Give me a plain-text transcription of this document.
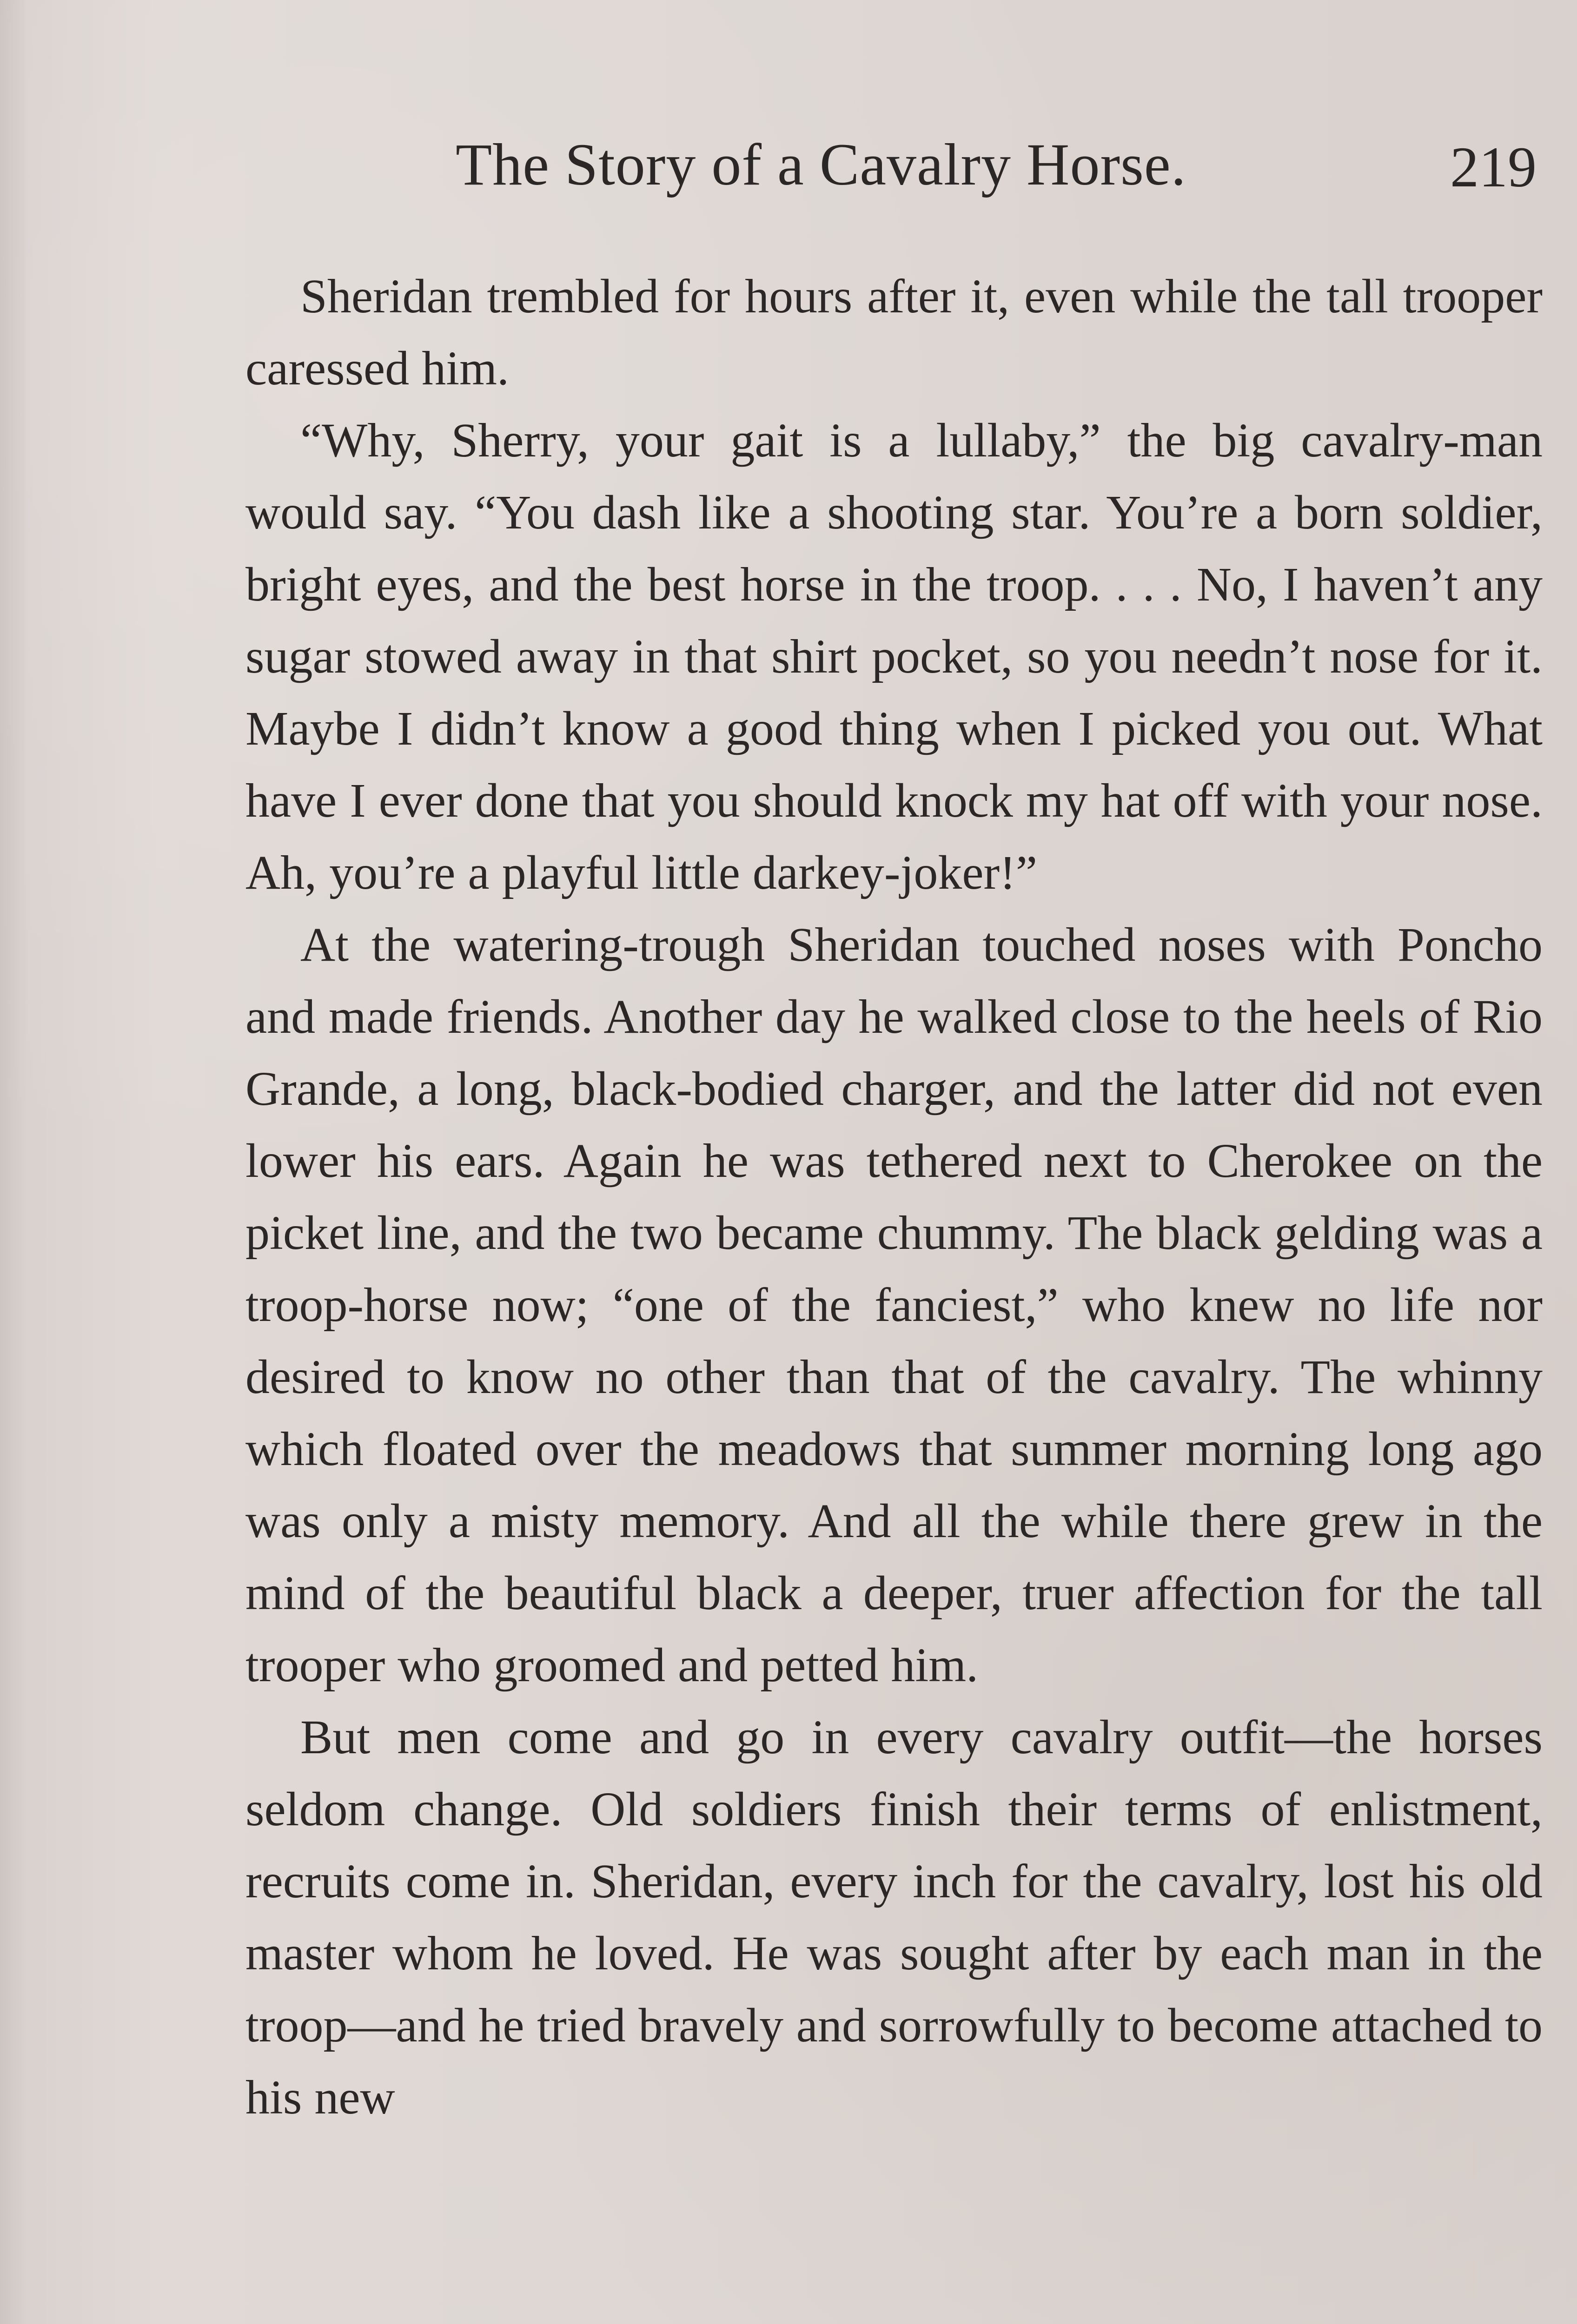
The Story of a Cavalry Horse.	219

Sheridan trembled for hours after it, even while the tall trooper caressed him.

“Why, Sherry, your gait is a lullaby,” the big cavalry-man would say. “You dash like a shooting star. You’re a born soldier, bright eyes, and the best horse in the troop. . . . No, I haven’t any sugar stowed away in that shirt pocket, so you needn’t nose for it. Maybe I didn’t know a good thing when I picked you out. What have I ever done that you should knock my hat off with your nose. Ah, you’re a playful little darkey-joker!”

At the watering-trough Sheridan touched noses with Poncho and made friends. Another day he walked close to the heels of Rio Grande, a long, black-bodied charger, and the latter did not even lower his ears. Again he was tethered next to Cherokee on the picket line, and the two became chummy. The black gelding was a troop-horse now; “one of the fanciest,” who knew no life nor desired to know no other than that of the cavalry. The whinny which floated over the meadows that summer morning long ago was only a misty memory. And all the while there grew in the mind of the beautiful black a deeper, truer affection for the tall trooper who groomed and petted him.

But men come and go in every cavalry outfit—the horses seldom change. Old soldiers finish their terms of enlistment, recruits come in. Sheridan, every inch for the cavalry, lost his old master whom he loved. He was sought after by each man in the troop—and he tried bravely and sorrowfully to become attached to his new
